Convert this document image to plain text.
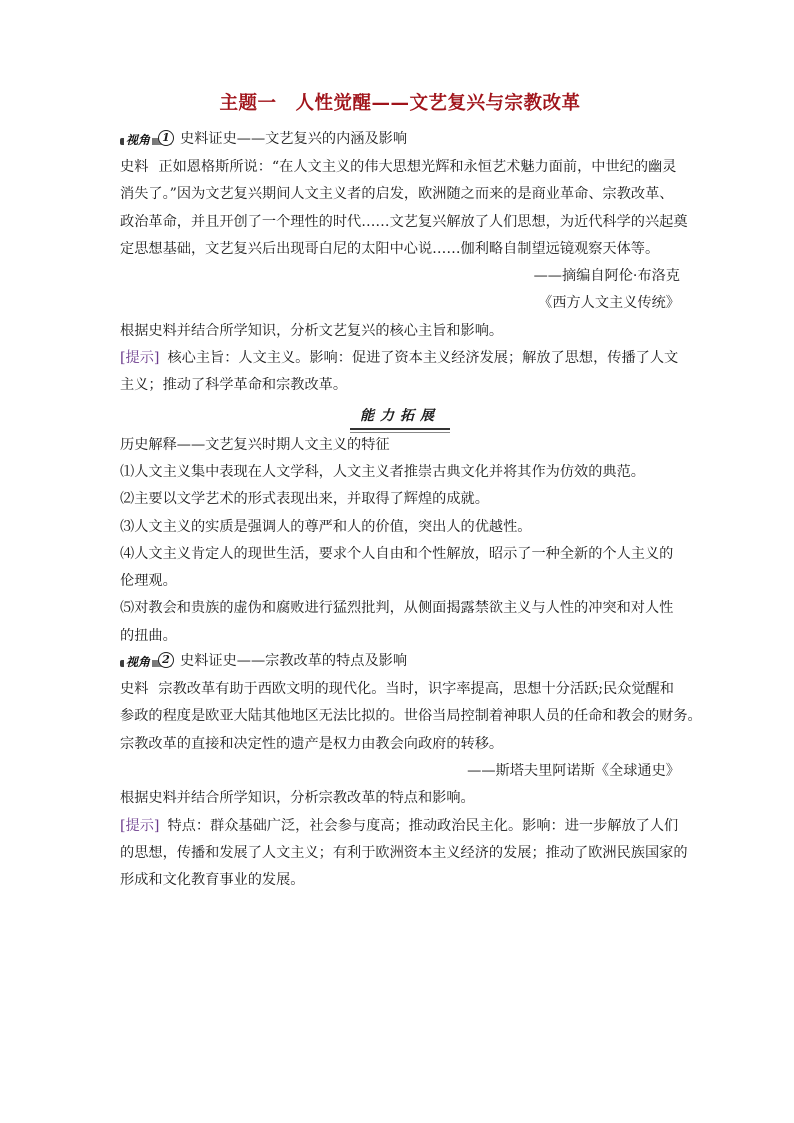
主题一　人性觉醒——文艺复兴与宗教改革
视角	1 史料证史——文艺复兴的内涵及影响
史料 正如恩格斯所说：“在人文主义的伟大思想光辉和永恒艺术魅力面前，中世纪的幽灵
消失了。”因为文艺复兴期间人文主义者的启发，欧洲随之而来的是商业革命、宗教改革、
政治革命，并且开创了一个理性的时代……文艺复兴解放了人们思想，为近代科学的兴起奠
定思想基础，文艺复兴后出现哥白尼的太阳中心说……伽利略自制望远镜观察天体等。
——摘编自阿伦·布洛克
《西方人文主义传统》
根据史料并结合所学知识，分析文艺复兴的核心主旨和影响。
[提示] 核心主旨：人文主义。影响：促进了资本主义经济发展；解放了思想，传播了人文
主义；推动了科学革命和宗教改革。
能力拓展
历史解释——文艺复兴时期人文主义的特征
⑴人文主义集中表现在人文学科，人文主义者推崇古典文化并将其作为仿效的典范。
⑵主要以文学艺术的形式表现出来，并取得了辉煌的成就。
⑶人文主义的实质是强调人的尊严和人的价值，突出人的优越性。
⑷人文主义肯定人的现世生活，要求个人自由和个性解放，昭示了一种全新的个人主义的
伦理观。
⑸对教会和贵族的虚伪和腐败进行猛烈批判，从侧面揭露禁欲主义与人性的冲突和对人性
的扭曲。
视角	2 史料证史——宗教改革的特点及影响
史料 宗教改革有助于西欧文明的现代化。当时，识字率提高，思想十分活跃;民众觉醒和
参政的程度是欧亚大陆其他地区无法比拟的。世俗当局控制着神职人员的任命和教会的财务。
宗教改革的直接和决定性的遗产是权力由教会向政府的转移。
——斯塔夫里阿诺斯《全球通史》
根据史料并结合所学知识，分析宗教改革的特点和影响。
[提示] 特点：群众基础广泛，社会参与度高；推动政治民主化。影响：进一步解放了人们
的思想，传播和发展了人文主义；有利于欧洲资本主义经济的发展；推动了欧洲民族国家的
形成和文化教育事业的发展。
